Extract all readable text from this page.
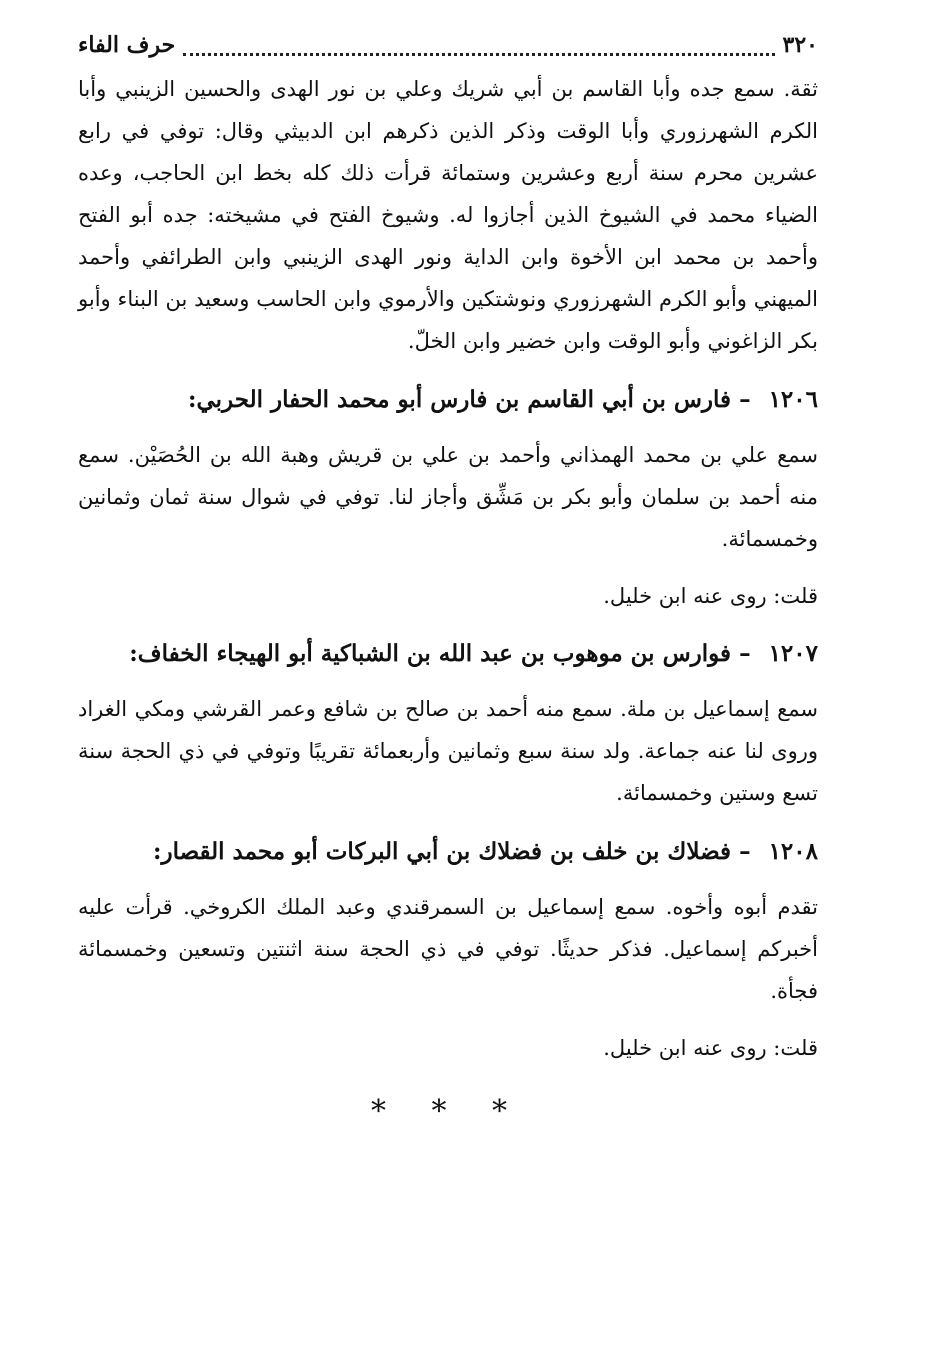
٣٢٠
حرف الفاء

ثقة. سمع جده وأبا القاسم بن أبي شريك وعلي بن نور الهدى والحسين الزينبي وأبا الكرم الشهرزوري وأبا الوقت وذكر الذين ذكرهم ابن الدبيثي وقال: توفي في رابع عشرين محرم سنة أربع وعشرين وستمائة قرأت ذلك كله بخط ابن الحاجب، وعده الضياء محمد في الشيوخ الذين أجازوا له. وشيوخ الفتح في مشيخته: جده أبو الفتح وأحمد بن محمد ابن الأخوة وابن الداية ونور الهدى الزينبي وابن الطرائفي وأحمد الميهني وأبو الكرم الشهرزوري ونوشتكين والأرموي وابن الحاسب وسعيد بن البناء وأبو بكر الزاغوني وأبو الوقت وابن خضير وابن الخلّ.

١٢٠٦ – فارس بن أبي القاسم بن فارس أبو محمد الحفار الحربي:

سمع علي بن محمد الهمذاني وأحمد بن علي بن قريش وهبة الله بن الحُصَيْن. سمع منه أحمد بن سلمان وأبو بكر بن مَشِّق وأجاز لنا. توفي في شوال سنة ثمان وثمانين وخمسمائة.

قلت: روى عنه ابن خليل.

١٢٠٧ – فوارس بن موهوب بن عبد الله بن الشباكية أبو الهيجاء الخفاف:

سمع إسماعيل بن ملة. سمع منه أحمد بن صالح بن شافع وعمر القرشي ومكي الغراد وروى لنا عنه جماعة. ولد سنة سبع وثمانين وأربعمائة تقريبًا وتوفي في ذي الحجة سنة تسع وستين وخمسمائة.

١٢٠٨ – فضلاك بن خلف بن فضلاك بن أبي البركات أبو محمد القصار:

تقدم أبوه وأخوه. سمع إسماعيل بن السمرقندي وعبد الملك الكروخي. قرأت عليه أخبركم إسماعيل. فذكر حديثًا. توفي في ذي الحجة سنة اثنتين وتسعين وخمسمائة فجأة.

قلت: روى عنه ابن خليل.

* * *
